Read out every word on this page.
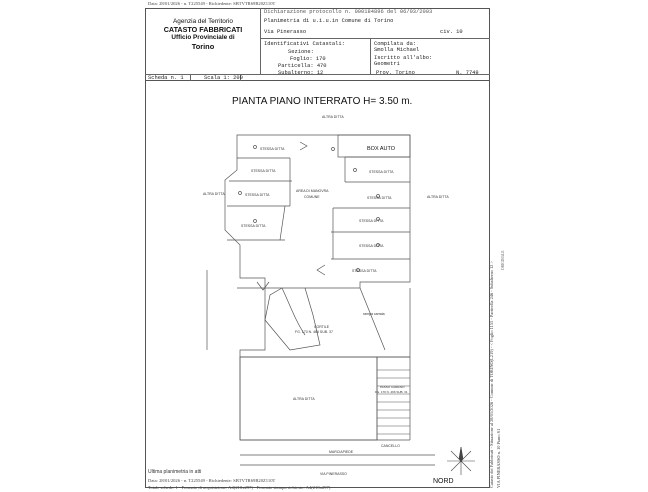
Data: 28/01/2026 - n. T225549 - Richiedente: SBTVTR69B20Z110T
Agenzia del Territorio
CATASTO FABBRICATI
Ufficio Provinciale di
Torino
Dichiarazione protocollo n. 000184896 del 06/03/2003
Planimetria di u.i.u.in Comune di Torino
Via Pinerasso	civ. 10
Identificativi Catastali:
Sezione:
Foglio: 170
Particella: 470
Subalterno: 12
Compilata da:
Smolla Michael
Iscritto all'albo:
Geometri
Prov. Torino	N. 7749
Scheda n. 1	Scala 1: 200
PIANTA PIANO INTERRATO H= 3.50 m.
ALTRA DITTA
ALTRA DITTA
ALTRA DITTA
ALTRA DITTA
BOX AUTO
STESSA DITTA
STESSA DITTA
STESSA DITTA
STESSA DITTA
STESSA DITTA
STESSA DITTA
STESSA DITTA
STESSA DITTA
STESSA DITTA
AREA DI MANOVRA
COMUNE
CORTILE
FG. 170 N. 466 SUB. 37
rampa carraia
PASSO CARRAIO
FG. 170 N. 466 SUB. 31
MARCIAPIEDE
VIA PINERASSO
CANCELLO
NORD
Ultima planimetria in atti
Data: 28/01/2026 - n. T225549 - Richiedente: SBTVTR69B20Z110T
Totale schede: 1 - Formato di acquisizione: A4(210x297) - Formato stampa richiesto: A4(210x297)	Catasto dei Fabbricati - Situazione al 28/01/2026 - Comune di TORINO(L219) - < Foglio 1155 - Particella 246 - Subalterno 12 > VIA PINERASSO n. 10 Piano S1
ORIGINALE
